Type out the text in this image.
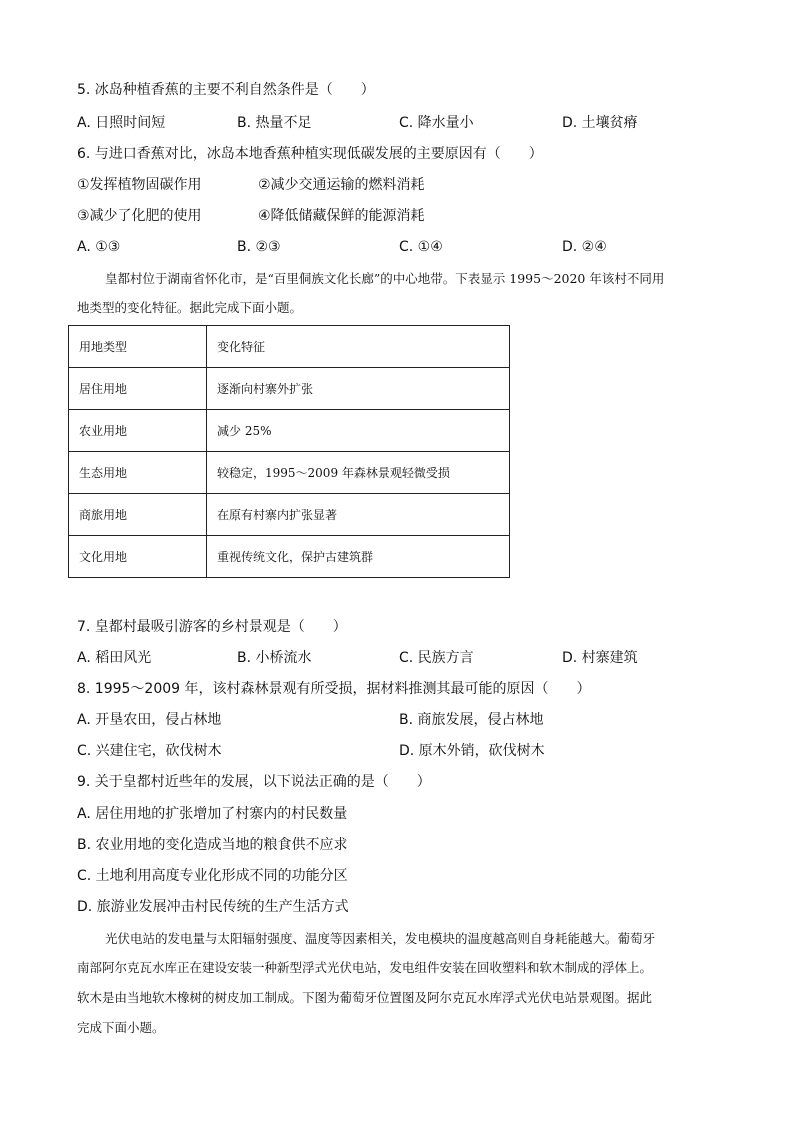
5. 冰岛种植香蕉的主要不利自然条件是（　　）
A. 日照时间短	B. 热量不足	C. 降水量小	D. 土壤贫瘠
6. 与进口香蕉对比，冰岛本地香蕉种植实现低碳发展的主要原因有（　　）
①发挥植物固碳作用	②减少交通运输的燃料消耗
③减少了化肥的使用	④降低储藏保鲜的能源消耗
A. ①③	B. ②③	C. ①④	D. ②④
皇都村位于湖南省怀化市，是“百里侗族文化长廊”的中心地带。下表显示 1995～2020 年该村不同用
地类型的变化特征。据此完成下面小题。
用地类型	变化特征
居住用地	逐渐向村寨外扩张
农业用地	减少 25%
生态用地	较稳定，1995～2009 年森林景观轻微受损
商旅用地	在原有村寨内扩张显著
文化用地	重视传统文化，保护古建筑群
7. 皇都村最吸引游客的乡村景观是（　　）
A. 稻田风光	B. 小桥流水	C. 民族方言	D. 村寨建筑
8. 1995～2009 年，该村森林景观有所受损，据材料推测其最可能的原因（　　）
A. 开垦农田，侵占林地	B. 商旅发展，侵占林地
C. 兴建住宅，砍伐树木	D. 原木外销，砍伐树木
9. 关于皇都村近些年的发展，以下说法正确的是（　　）
A. 居住用地的扩张增加了村寨内的村民数量
B. 农业用地的变化造成当地的粮食供不应求
C. 土地利用高度专业化形成不同的功能分区
D. 旅游业发展冲击村民传统的生产生活方式
光伏电站的发电量与太阳辐射强度、温度等因素相关，发电模块的温度越高则自身耗能越大。葡萄牙
南部阿尔克瓦水库正在建设安装一种新型浮式光伏电站，发电组件安装在回收塑料和软木制成的浮体上。
软木是由当地软木橡树的树皮加工制成。下图为葡萄牙位置图及阿尔克瓦水库浮式光伏电站景观图。据此
完成下面小题。
